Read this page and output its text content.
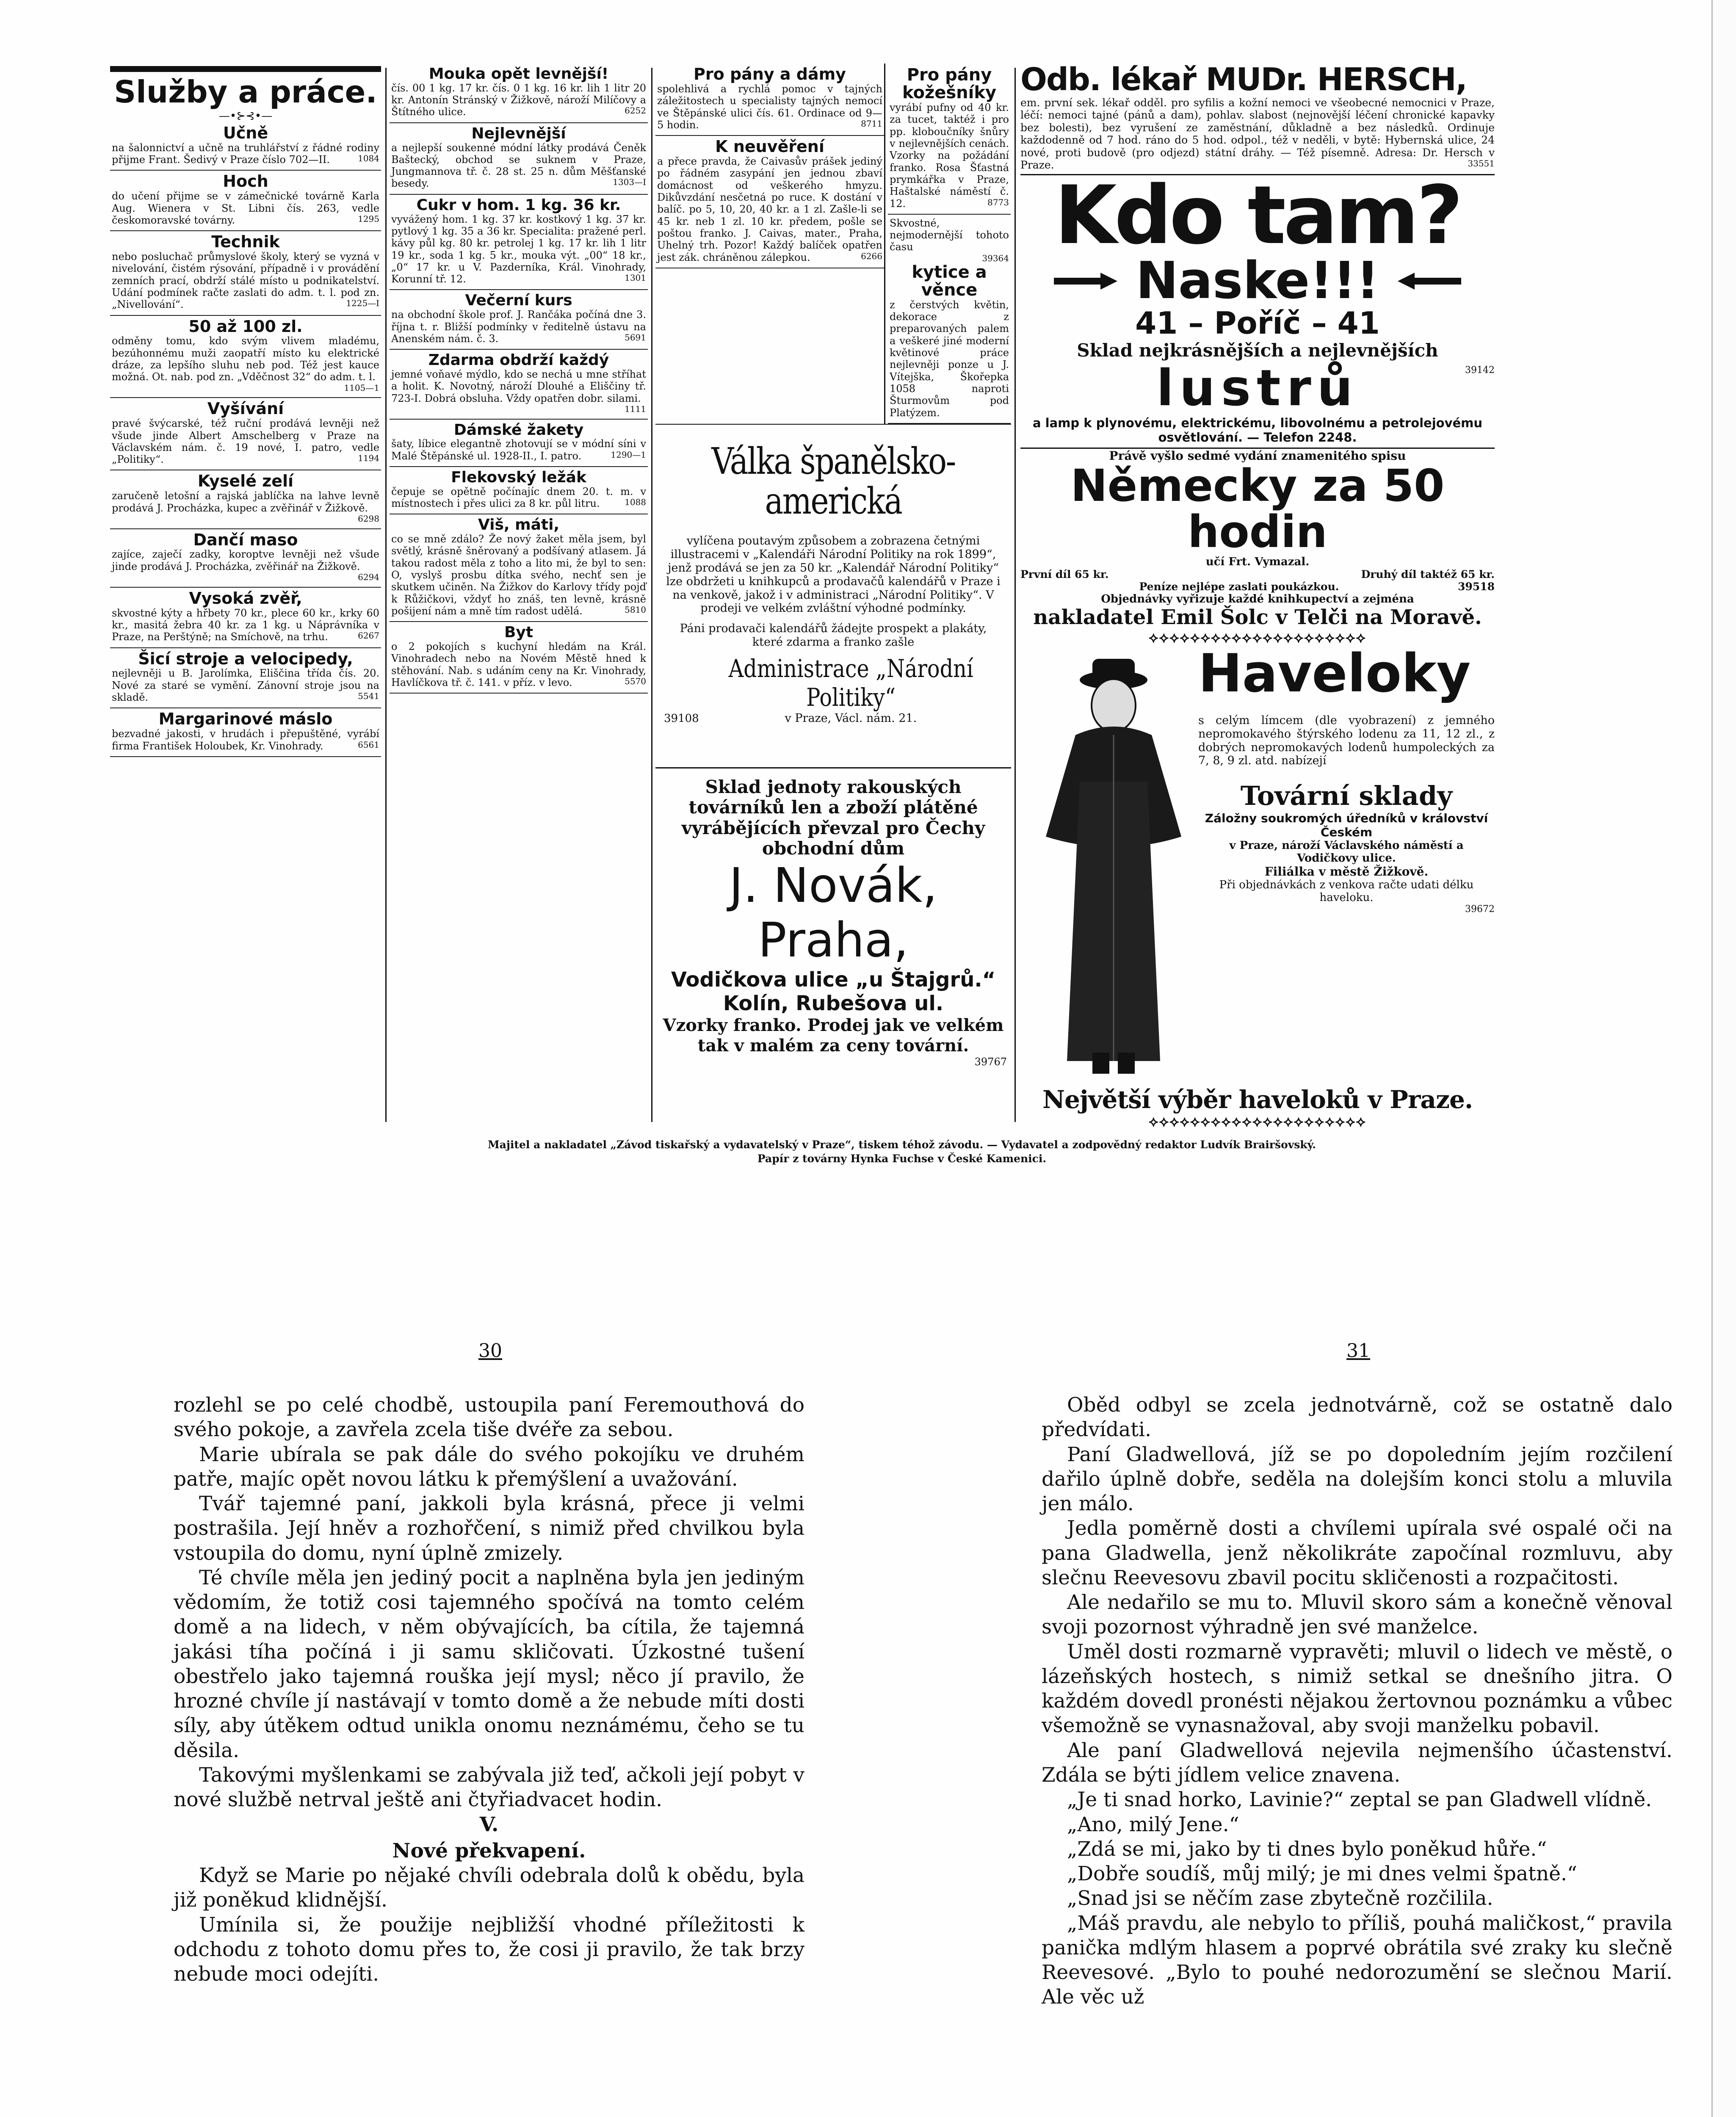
Služby a práce.
—•⊱⊰•—
Učně
na šalonnictví a učně na truhlářství z řádné rodiny přijme Frant. Šedivý v Praze číslo 702—II.	1084
Hoch
do učení přijme se v zámečnické továrně Karla Aug. Wienera v St. Libni čís. 263, vedle českomoravské továrny.	1295
Technik
nebo posluchač průmyslové školy, který se vyzná v nivelování, čistém rýsování, případně i v provádění zemních prací, obdrží stálé místo u podnikatelství. Udání podmínek račte zaslati do adm. t. l. pod zn. „Nivellování“.	1225—I
50 až 100 zl.
odměny tomu, kdo svým vlivem mladému, bezúhonnému muži zaopatří místo ku elektrické dráze, za lepšího sluhu neb pod. Též jest kauce možná. Ot. nab. pod zn. „Vděčnost 32“ do adm. t. l.
1105—1
Vyšívání
pravé švýcarské, též ruční prodává levněji než všude jinde Albert Amschelberg v Praze na Václavském nám. č. 19 nové, I. patro, vedle „Politiky“.	1194
Kyselé zelí
zaručeně letošní a rajská jablíčka na lahve levně prodává J. Procházka, kupec a zvěřinář v Žižkově.
6298
Dančí maso
zajíce, zaječí zadky, koroptve levněji než všude jinde prodává J. Procházka, zvěřinář na Žižkově.
6294
Vysoká zvěř,
skvostné kýty a hřbety 70 kr., plece 60 kr., krky 60 kr., masitá žebra 40 kr. za 1 kg. u Náprávníka v Praze, na Perštýně; na Smíchově, na trhu.	6267
Šicí stroje a velocipedy,
nejlevněji u B. Jarolímka, Eliščina třída čís. 20. Nové za staré se vymění. Zánovní stroje jsou na skladě.	5541
Margarinové máslo
bezvadné jakosti, v hrudách i přepuštěné, vyrábí firma František Holoubek, Kr. Vinohrady.	6561
Mouka opět levnější!
čís. 00 1 kg. 17 kr. čís. 0 1 kg. 16 kr. lih 1 litr 20 kr. Antonín Stránský v Žižkově, nároží Milíčovy a Štítného ulice.	6252
Nejlevnější
a nejlepší soukenné módní látky prodává Čeněk Baštecký, obchod se suknem v Praze, Jungmannova tř. č. 28 st. 25 n. dům Měšťanské besedy.	1303—I
Cukr v hom. 1 kg. 36 kr.
vyvážený hom. 1 kg. 37 kr. kostkový 1 kg. 37 kr. pytlový 1 kg. 35 a 36 kr. Specialita: pražené perl. kávy půl kg. 80 kr. petrolej 1 kg. 17 kr. lih 1 litr 19 kr., soda 1 kg. 5 kr., mouka výt. „00“ 18 kr., „0“ 17 kr. u V. Pazderníka, Král. Vinohrady, Korunní tř. 12.	1301
Večerní kurs
na obchodní škole prof. J. Rančáka počíná dne 3. října t. r. Bližší podmínky v ředitelně ústavu na Anenském nám. č. 3.	5691
Zdarma obdrží každý
jemné voňavé mýdlo, kdo se nechá u mne stříhat a holit. K. Novotný, nároží Dlouhé a Eliščiny tř. 723-I. Dobrá obsluha. Vždy opatřen dobr. silami.
1111
Dámské žakety
šaty, líbice elegantně zhotovují se v módní síni v Malé Štěpánské ul. 1928-II., I. patro.	1290—1
Flekovský ležák
čepuje se opětně počínajíc dnem 20. t. m. v místnostech i přes ulici za 8 kr. půl litru.	1088
Viš, máti,
co se mně zdálo? Že nový žaket měla jsem, byl světlý, krásně šněrovaný a podšívaný atlasem. Já takou radost měla z toho a lito mi, že byl to sen: O, vyslyš prosbu dítka svého, nechť sen je skutkem učiněn. Na Žižkov do Karlovy třídy pojď k Růžičkovi, vždyť ho znáš, ten levně, krásně pošijení nám a mně tím radost udělá.	5810
Byt
o 2 pokojích s kuchyní hledám na Král. Vinohradech nebo na Novém Městě hned k stěhování. Nab. s udáním ceny na Kr. Vinohrady, Havlíčkova tř. č. 141. v příz. v levo.	5570
Pro pány a dámy
spolehlivá a rychlá pomoc v tajných záležitostech u specialisty tajných nemocí ve Štěpánské ulici čís. 61. Ordinace od 9—5 hodin.	8711
K neuvěření
a přece pravda, že Caivasův prášek jediný po řádném zasypání jen jednou zbaví domácnost od veškerého hmyzu. Dikůvzdání nesčetná po ruce. K dostání v balíč. po 5, 10, 20, 40 kr. a 1 zl. Zašle-li se 45 kr. neb 1 zl. 10 kr. předem, pošle se poštou franko. J. Caivas, mater., Praha, Uhelný trh. Pozor! Každý balíček opatřen jest zák. chráněnou zálepkou.	6266
Pro pány kožešníky
vyrábí pufny od 40 kr. za tucet, taktéž i pro pp. kloboučníky šnůry v nejlevnějších cenách. Vzorky na požádání franko. Rosa Šťastná prymkářka v Praze, Haštalské náměstí č. 12.	8773
Skvostné, nejmodernější tohoto času
39364
kytice a věnce
z čerstvých květin, dekorace z preparovaných palem a veškeré jiné moderní květinové práce nejlevněji ponze u J. Vítejška, Škořepka 1058 naproti Šturmovům pod Platýzem.
Válka španělsko-americká
vylíčena poutavým způsobem a zobrazena četnými illustracemi v „Kalendáři Národní Politiky na rok 1899“, jenž prodává se jen za 50 kr. „Kalendář Národní Politiky“ lze obdržeti u knihkupců a prodavačů kalendářů v Praze i na venkově, jakož i v administraci „Národní Politiky“. V prodeji ve velkém zvláštní výhodné podmínky.
Páni prodavači kalendářů žádejte prospekt a plakáty, které zdarma a franko zašle
39108
Administrace „Národní Politiky“
v Praze, Václ. nám. 21.
Sklad jednoty rakouských továrníků len a zboží plátěné vyrábějících převzal pro Čechy obchodní dům
J. Novák, Praha,
Vodičkova ulice „u Štajgrů.“
Kolín, Rubešova ul.
Vzorky franko. Prodej jak ve velkém tak v malém za ceny tovární.
39767
Odb. lékař MUDr. HERSCH,
em. první sek. lékař odděl. pro syfilis a kožní nemoci ve všeobecné nemocnici v Praze, léčí: nemoci tajné (pánů a dam), pohlav. slabost (nejnovější léčení chronické kapavky bez bolesti), bez vyrušení ze zaměstnání, důkladně a bez následků. Ordinuje každodenně od 7 hod. ráno do 5 hod. odpol., též v neděli, v bytě: Hybernská ulice, 24 nové, proti budově (pro odjezd) státní dráhy. — Též písemně. Adresa: Dr. Hersch v Praze.	33551
Kdo tam?
Naske!!!
41 – Poříč – 41
Sklad nejkrásnějších a nejlevnějších
lustrů	39142
a lamp k plynovému, elektrickému, libovolnému a petrolejovému osvětlování. — Telefon 2248.
Právě vyšlo sedmé vydání znamenitého spisu
Německy za 50 hodin
učí Frt. Vymazal.
První díl 65 kr.	Druhý díl taktéž 65 kr.
Peníze nejlépe zaslati poukázkou.	39518
Objednávky vyřizuje každé knihkupectví a zejména
nakladatel Emil Šolc v Telči na Moravě.
⟡⟡⟡⟡⟡⟡⟡⟡⟡⟡⟡⟡⟡⟡⟡⟡⟡⟡⟡⟡⟡
Haveloky
s celým límcem (dle vyobrazení) z jemného nepromokavého štýrského lodenu za 11, 12 zl., z dobrých nepromokavých lodenů humpoleckých za 7, 8, 9 zl. atd. nabízejí
Tovární sklady
Záložny soukromých úředníků v království Českém
v Praze, nároží Václavského náměstí a Vodičkovy ulice.
Filiálka v městě Žižkově.
Při objednávkách z venkova račte udati délku haveloku.
39672
Největší výběr haveloků v Praze.
⟡⟡⟡⟡⟡⟡⟡⟡⟡⟡⟡⟡⟡⟡⟡⟡⟡⟡⟡⟡⟡
Majitel a nakladatel „Závod tiskařský a vydavatelský v Praze“, tiskem téhož závodu. — Vydavatel a zodpovědný redaktor Ludvík Brairšovský.
Papír z továrny Hynka Fuchse v České Kamenici.
30	31

rozlehl se po celé chodbě, ustoupila paní Feremouthová do svého pokoje, a zavřela zcela tiše dvéře za sebou.

Marie ubírala se pak dále do svého pokojíku ve druhém patře, majíc opět novou látku k přemýšlení a uvažování.

Tvář tajemné paní, jakkoli byla krásná, přece ji velmi postrašila. Její hněv a rozhořčení, s nimiž před chvilkou byla vstoupila do domu, nyní úplně zmizely.

Té chvíle měla jen jediný pocit a naplněna byla jen jediným vědomím, že totiž cosi tajemného spočívá na tomto celém domě a na lidech, v něm obývajících, ba cítila, že tajemná jakási tíha počíná i ji samu skličovati. Úzkostné tušení obestřelo jako tajemná rouška její mysl; něco jí pravilo, že hrozné chvíle jí nastávají v tomto domě a že nebude míti dosti síly, aby útěkem odtud unikla onomu neznámému, čeho se tu děsila.

Takovými myšlenkami se zabývala již teď, ačkoli její pobyt v nové službě netrval ještě ani čtyřiadvacet hodin.

V.

Nové překvapení.

Když se Marie po nějaké chvíli odebrala dolů k obědu, byla již poněkud klidnější.

Umínila si, že použije nejbližší vhodné příležitosti k odchodu z tohoto domu přes to, že cosi ji pravilo, že tak brzy nebude moci odejíti.

Oběd odbyl se zcela jednotvárně, což se ostatně dalo předvídati.

Paní Gladwellová, jíž se po dopoledním jejím rozčilení dařilo úplně dobře, seděla na dolejším konci stolu a mluvila jen málo.

Jedla poměrně dosti a chvílemi upírala své ospalé oči na pana Gladwella, jenž několikráte započínal rozmluvu, aby slečnu Reevesovu zbavil pocitu skličenosti a rozpačitosti.

Ale nedařilo se mu to. Mluvil skoro sám a konečně věnoval svoji pozornost výhradně jen své manželce.

Uměl dosti rozmarně vypravěti; mluvil o lidech ve městě, o lázeňských hostech, s nimiž setkal se dnešního jitra. O každém dovedl pronésti nějakou žertovnou poznámku a vůbec všemožně se vynasnažoval, aby svoji manželku pobavil.

Ale paní Gladwellová nejevila nejmenšího účastenství. Zdála se býti jídlem velice znavena.

„Je ti snad horko, Lavinie?“ zeptal se pan Gladwell vlídně.

„Ano, milý Jene.“

„Zdá se mi, jako by ti dnes bylo poněkud hůře.“

„Dobře soudíš, můj milý; je mi dnes velmi špatně.“

„Snad jsi se něčím zase zbytečně rozčilila.

„Máš pravdu, ale nebylo to příliš, pouhá maličkost,“ pravila panička mdlým hlasem a poprvé obrátila své zraky ku slečně Reevesové. „Bylo to pouhé nedorozumění se slečnou Marií. Ale věc už
